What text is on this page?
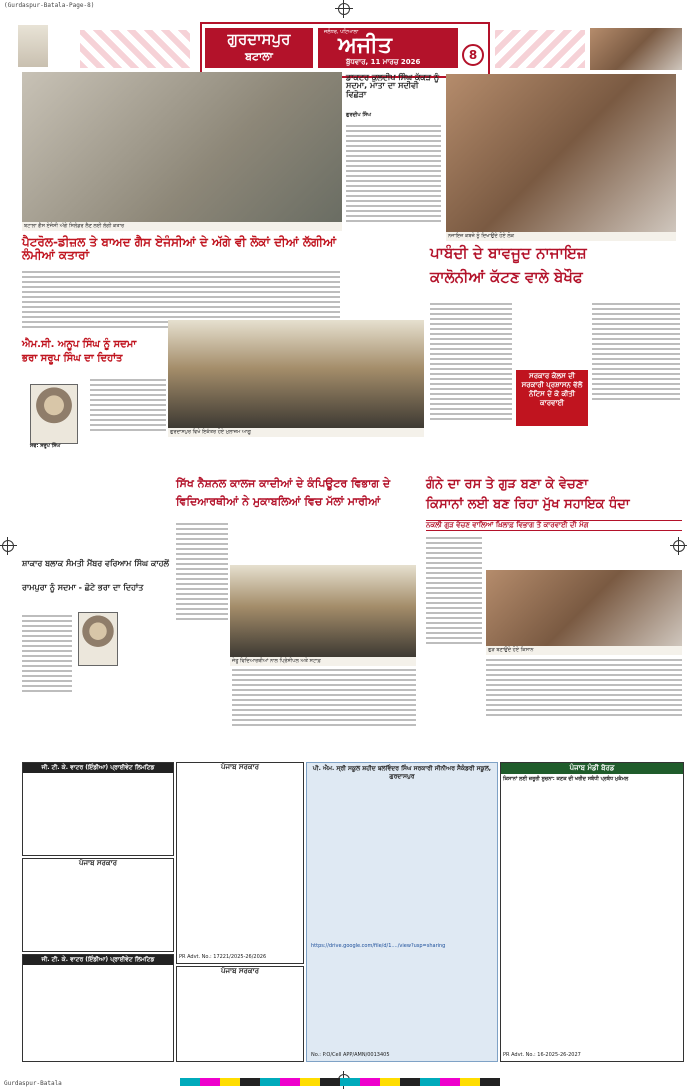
(Gurdaspur-Batala-Page-8)
ਗੁਰਦਾਸਪੁਰ
ਬਟਾਲਾ
ਜਲੰਧਰ, ਪਟਿਆਲਾ
ਅਜੀਤ
ਬੁੱਧਵਾਰ, 11 ਮਾਰਚ 2026	8
ਬਟਾਲਾ ਗੈਸ ਏਜੰਸੀ ਅੱਗੇ ਸਿਲੰਡਰ ਲੈਣ ਲਈ ਲੱਗੀ ਕਤਾਰ
ਪੈਟਰੋਲ-ਡੀਜ਼ਲ ਤੇ ਬਾਅਦ ਗੈਸ ਏਜੰਸੀਆਂ ਦੇ ਅੱਗੇ ਵੀ ਲੋਕਾਂ ਦੀਆਂ ਲੱਗੀਆਂ ਲੰਮੀਆਂ ਕਤਾਰਾਂ
ਡਾਕਟਰ ਕੁਲਦੀਪ ਸਿੰਘ ਕੱਕੜ ਨੂੰ ਸਦਮਾ, ਮਾਤਾ ਦਾ ਸਦੀਵੀ ਵਿਛੋੜਾ
ਗੁਰਦੀਪ ਸਿੰਘ
ਨਜਾਇਜ਼ ਕਬਜ਼ੇ ਨੂੰ ਦਿਖਾਉਂਦੇ ਹੋਏ ਲੋਕ
ਪਾਬੰਦੀ ਦੇ ਬਾਵਜੂਦ ਨਾਜਾਇਜ਼
ਕਾਲੋਨੀਆਂ ਕੱਟਣ ਵਾਲੇ ਬੇਖੌਫ
ਸਰਕਾਰ ਕੋਲਸ ਦੀ ਸਰਕਾਰੀ ਪ੍ਰਸ਼ਾਸਨ ਵੱਲੋਂ ਨੋਟਿਸ ਦੇ ਕੇ ਕੀਤੀ ਕਾਰਵਾਈ
ਗੁਰਦਾਸਪੁਰ ਵਿਖੇ ਇਕੱਤਰ ਹੋਏ ਮੁਲਾਜ਼ਮ ਆਗੂ
ਐਮ.ਸੀ. ਅਨੂਪ ਸਿੰਘ ਨੂੰ ਸਦਮਾ
ਭਰਾ ਸਰੂਪ ਸਿੰਘ ਦਾ ਦਿਹਾਂਤ
ਸਵ: ਸਰੂਪ ਸਿੰਘ
ਸ਼ਾਕਾਰ ਬਲਾਕ ਸੰਮਤੀ ਮੈਂਬਰ ਵਰਿਆਮ ਸਿੰਘ ਕਾਹਲੋਂ
ਰਾਮਪੁਰਾ ਨੂੰ ਸਦਮਾ - ਛੋਟੇ ਭਰਾ ਦਾ ਦਿਹਾਂਤ
ਸਿੱਖ ਨੈਸ਼ਨਲ ਕਾਲਜ ਕਾਦੀਆਂ ਦੇ ਕੰਪਿਊਟਰ ਵਿਭਾਗ ਦੇ
ਵਿਦਿਆਰਥੀਆਂ ਨੇ ਮੁਕਾਬਲਿਆਂ ਵਿਚ ਮੱਲਾਂ ਮਾਰੀਆਂ
ਜੇਤੂ ਵਿਦਿਆਰਥੀਆਂ ਨਾਲ ਪ੍ਰਿੰਸੀਪਲ ਅਤੇ ਸਟਾਫ਼
ਗੰਨੇ ਦਾ ਰਸ ਤੇ ਗੁੜ ਬਣਾ ਕੇ ਵੇਚਣਾ
ਕਿਸਾਨਾਂ ਲਈ ਬਣ ਰਿਹਾ ਮੁੱਖ ਸਹਾਇਕ ਧੰਦਾ
ਨਕਲੀ ਗੁੜ ਵੇਚਣ ਵਾਲਿਆਂ ਖ਼ਿਲਾਫ਼ ਵਿਭਾਗ ਤੋਂ ਕਾਰਵਾਈ ਦੀ ਮੰਗ
ਗੁੜ ਬਣਾਉਂਦੇ ਹੋਏ ਕਿਸਾਨ
ਜੀ. ਟੀ. ਕੇ. ਵਾਟਰ (ਇੰਡੀਆ) ਪ੍ਰਾਈਵੇਟ ਲਿਮਟਿਡ
ਪੰਜਾਬ ਸਰਕਾਰ
ਜੀ. ਟੀ. ਕੇ. ਵਾਟਰ (ਇੰਡੀਆ) ਪ੍ਰਾਈਵੇਟ ਲਿਮਟਿਡ
ਪੰਜਾਬ ਸਰਕਾਰ
PR Advt. No.: 17221/2025-26/2026
ਪੰਜਾਬ ਸਰਕਾਰ
ਪੀ. ਐਮ. ਸ੍ਰੀ ਸਕੂਲ ਸ਼ਹੀਦ ਬਲਵਿੰਦਰ ਸਿੰਘ ਸਰਕਾਰੀ ਸੀਨੀਅਰ ਸੈਕੰਡਰੀ ਸਕੂਲ, ਗੁਰਦਾਸਪੁਰ
https://drive.google.com/file/d/1..../view?usp=sharing
No.: P.O/Cell APP/AMN/0013405
ਪੰਜਾਬ ਮੰਡੀ ਬੋਰਡ
ਕਿਸਾਨਾਂ ਲਈ ਜ਼ਰੂਰੀ ਸੂਚਨਾ: ਕਣਕ ਦੀ ਖਰੀਦ ਸਬੰਧੀ ਪ੍ਰਬੰਧ ਮੁਕੰਮਲ
PR Advt. No.: 16-2025-26-2027
Gurdaspur-Batala
